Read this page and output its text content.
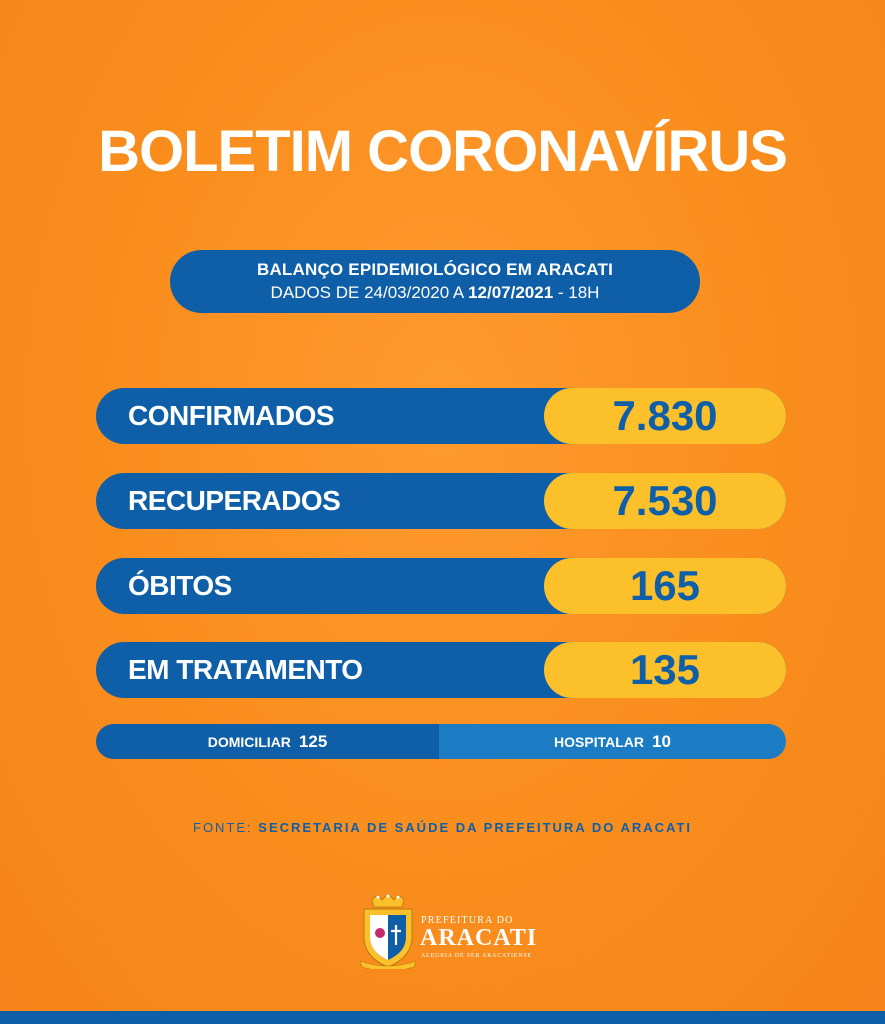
BOLETIM CORONAVÍRUS
BALANÇO EPIDEMIOLÓGICO EM ARACATI
DADOS DE 24/03/2020 A 12/07/2021 - 18H
CONFIRMADOS	7.830
RECUPERADOS	7.530
ÓBITOS	165
EM TRATAMENTO	135
DOMICILIAR 125	HOSPITALAR 10
FONTE: SECRETARIA DE SAÚDE DA PREFEITURA DO ARACATI
PREFEITURA DO
ARACATI
ALEGRIA DE SER ARACATIENSE
